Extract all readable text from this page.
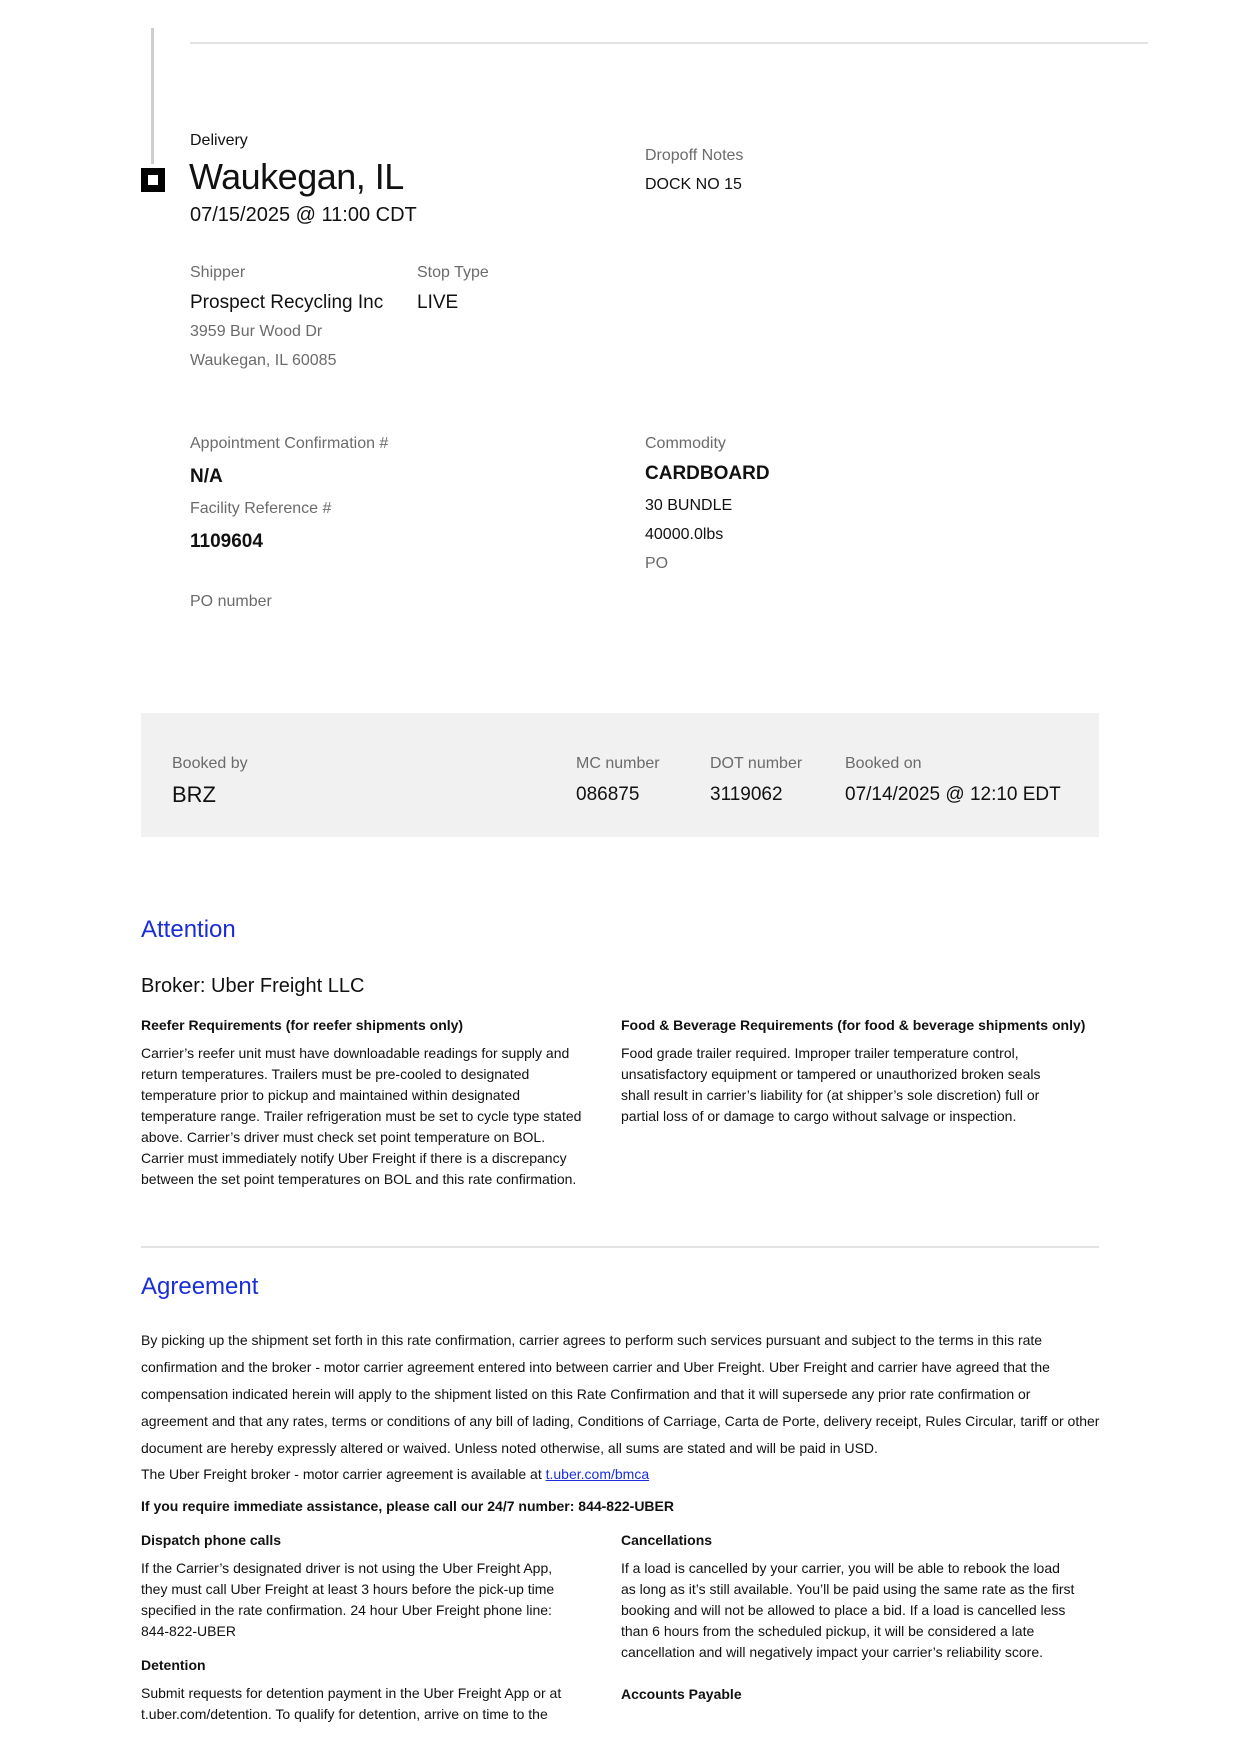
Delivery
Waukegan, IL
07/15/2025 @ 11:00 CDT
Dropoff Notes
DOCK NO 15
Shipper
Prospect Recycling Inc
3959 Bur Wood Dr
Waukegan, IL 60085
Stop Type
LIVE
Appointment Confirmation #
N/A
Facility Reference #
1109604
PO number
Commodity
CARDBOARD
30 BUNDLE
40000.0lbs
PO
Booked by
BRZ
MC number
086875
DOT number
3119062
Booked on
07/14/2025 @ 12:10 EDT
Attention
Broker: Uber Freight LLC
Reefer Requirements (for reefer shipments only)
Carrier’s reefer unit must have downloadable readings for supply and return temperatures. Trailers must be pre-cooled to designated temperature prior to pickup and maintained within designated temperature range. Trailer refrigeration must be set to cycle type stated above. Carrier’s driver must check set point temperature on BOL. Carrier must immediately notify Uber Freight if there is a discrepancy between the set point temperatures on BOL and this rate confirmation.
Food & Beverage Requirements (for food & beverage shipments only)
Food grade trailer required. Improper trailer temperature control, unsatisfactory equipment or tampered or unauthorized broken seals shall result in carrier’s liability for (at shipper’s sole discretion) full or partial loss of or damage to cargo without salvage or inspection.
Agreement
By picking up the shipment set forth in this rate confirmation, carrier agrees to perform such services pursuant and subject to the terms in this rate confirmation and the broker - motor carrier agreement entered into between carrier and Uber Freight. Uber Freight and carrier have agreed that the compensation indicated herein will apply to the shipment listed on this Rate Confirmation and that it will supersede any prior rate confirmation or agreement and that any rates, terms or conditions of any bill of lading, Conditions of Carriage, Carta de Porte, delivery receipt, Rules Circular, tariff or other document are hereby expressly altered or waived. Unless noted otherwise, all sums are stated and will be paid in USD.
The Uber Freight broker - motor carrier agreement is available at t.uber.com/bmca
If you require immediate assistance, please call our 24/7 number: 844-822-UBER
Dispatch phone calls
If the Carrier’s designated driver is not using the Uber Freight App, they must call Uber Freight at least 3 hours before the pick-up time specified in the rate confirmation. 24 hour Uber Freight phone line: 844-822-UBER
Detention
Submit requests for detention payment in the Uber Freight App or at t.uber.com/detention. To qualify for detention, arrive on time to the
Cancellations
If a load is cancelled by your carrier, you will be able to rebook the load as long as it’s still available. You’ll be paid using the same rate as the first booking and will not be allowed to place a bid. If a load is cancelled less than 6 hours from the scheduled pickup, it will be considered a late cancellation and will negatively impact your carrier’s reliability score.
Accounts Payable
